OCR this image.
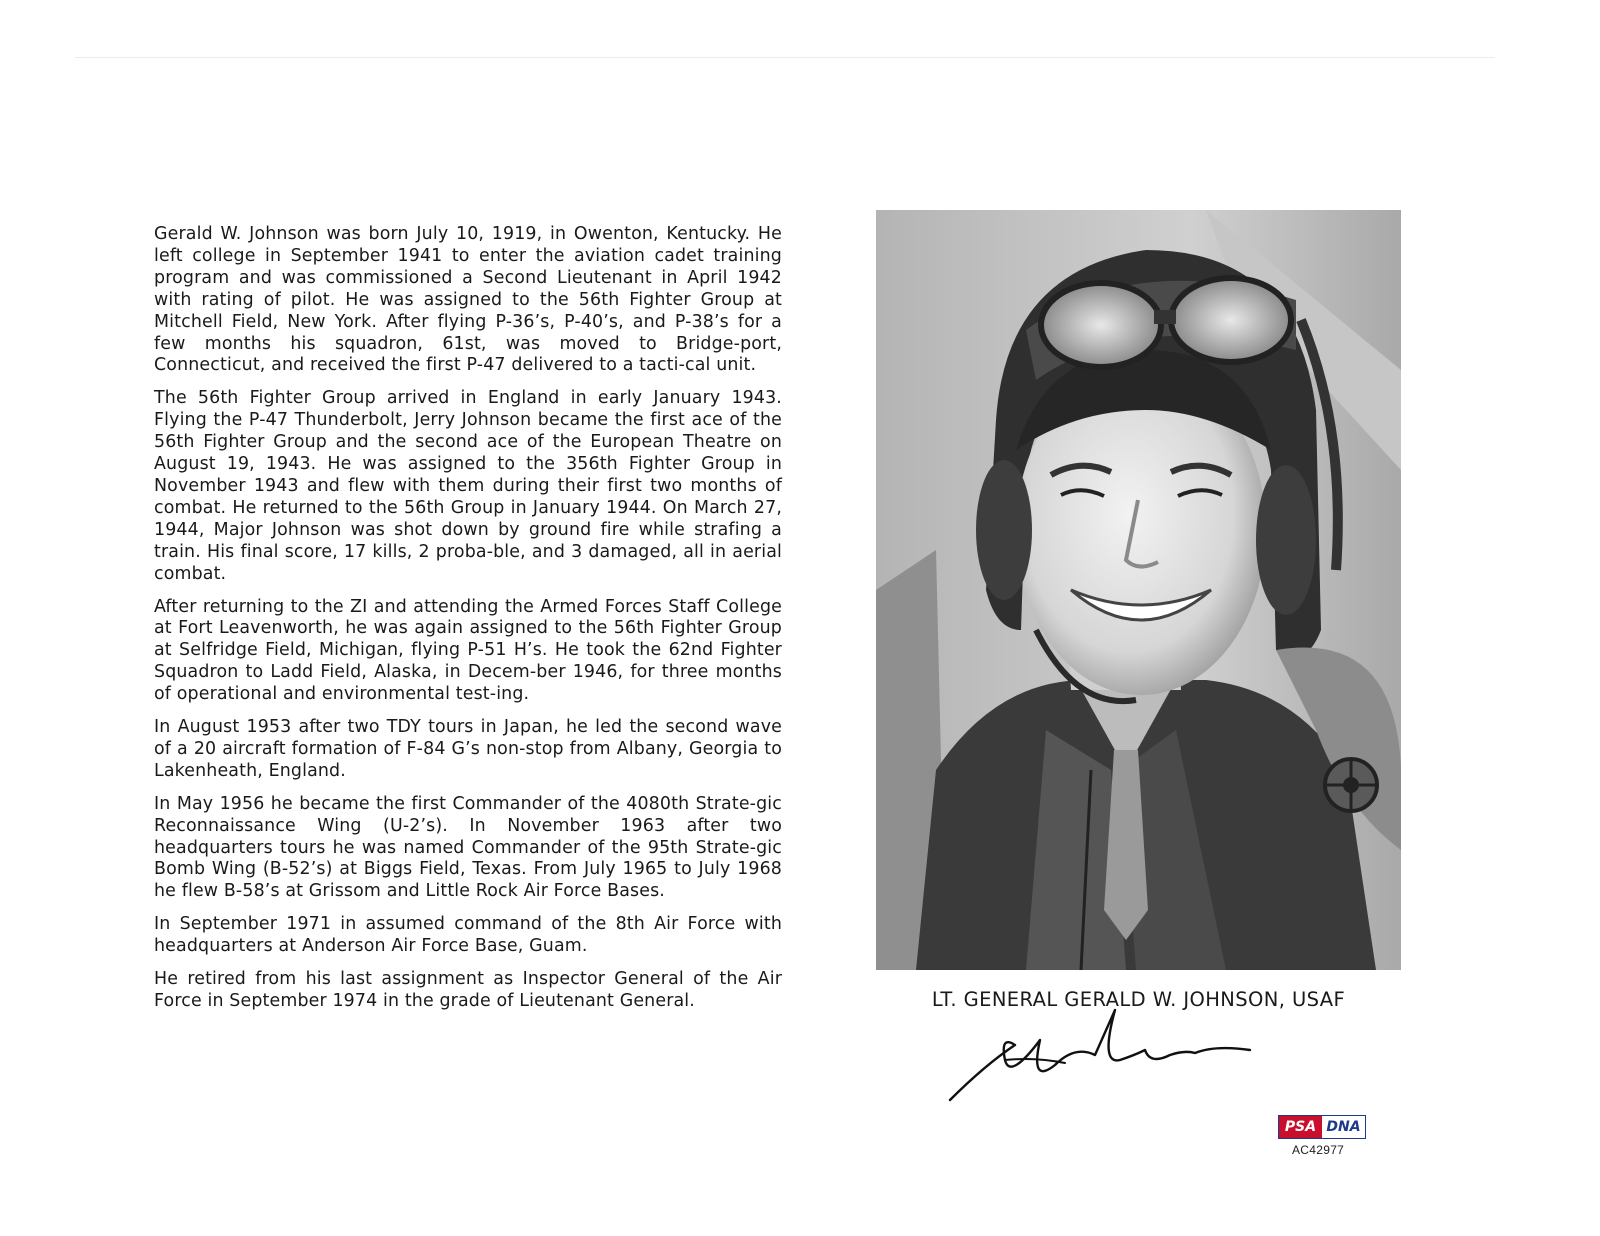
Gerald W. Johnson was born July 10, 1919, in Owenton, Kentucky. He left college in September 1941 to enter the aviation cadet training program and was commissioned a Second Lieutenant in April 1942 with rating of pilot. He was assigned to the 56th Fighter Group at Mitchell Field, New York. After flying P-36’s, P-40’s, and P-38’s for a few months his squadron, 61st, was moved to Bridge-port, Connecticut, and received the first P-47 delivered to a tacti-cal unit.

The 56th Fighter Group arrived in England in early January 1943. Flying the P-47 Thunderbolt, Jerry Johnson became the first ace of the 56th Fighter Group and the second ace of the European Theatre on August 19, 1943. He was assigned to the 356th Fighter Group in November 1943 and flew with them during their first two months of combat. He returned to the 56th Group in January 1944. On March 27, 1944, Major Johnson was shot down by ground fire while strafing a train. His final score, 17 kills, 2 proba-ble, and 3 damaged, all in aerial combat.

After returning to the ZI and attending the Armed Forces Staff College at Fort Leavenworth, he was again assigned to the 56th Fighter Group at Selfridge Field, Michigan, flying P-51 H’s. He took the 62nd Fighter Squadron to Ladd Field, Alaska, in Decem-ber 1946, for three months of operational and environmental test-ing.

In August 1953 after two TDY tours in Japan, he led the second wave of a 20 aircraft formation of F-84 G’s non-stop from Albany, Georgia to Lakenheath, England.

In May 1956 he became the first Commander of the 4080th Strate-gic Reconnaissance Wing (U-2’s). In November 1963 after two headquarters tours he was named Commander of the 95th Strate-gic Bomb Wing (B-52’s) at Biggs Field, Texas. From July 1965 to July 1968 he flew B-58’s at Grissom and Little Rock Air Force Bases.

In September 1971 in assumed command of the 8th Air Force with headquarters at Anderson Air Force Base, Guam.

He retired from his last assignment as Inspector General of the Air Force in September 1974 in the grade of Lieutenant General.	LT. GENERAL GERALD W. JOHNSON, USAF
PSA DNA
AC42977
